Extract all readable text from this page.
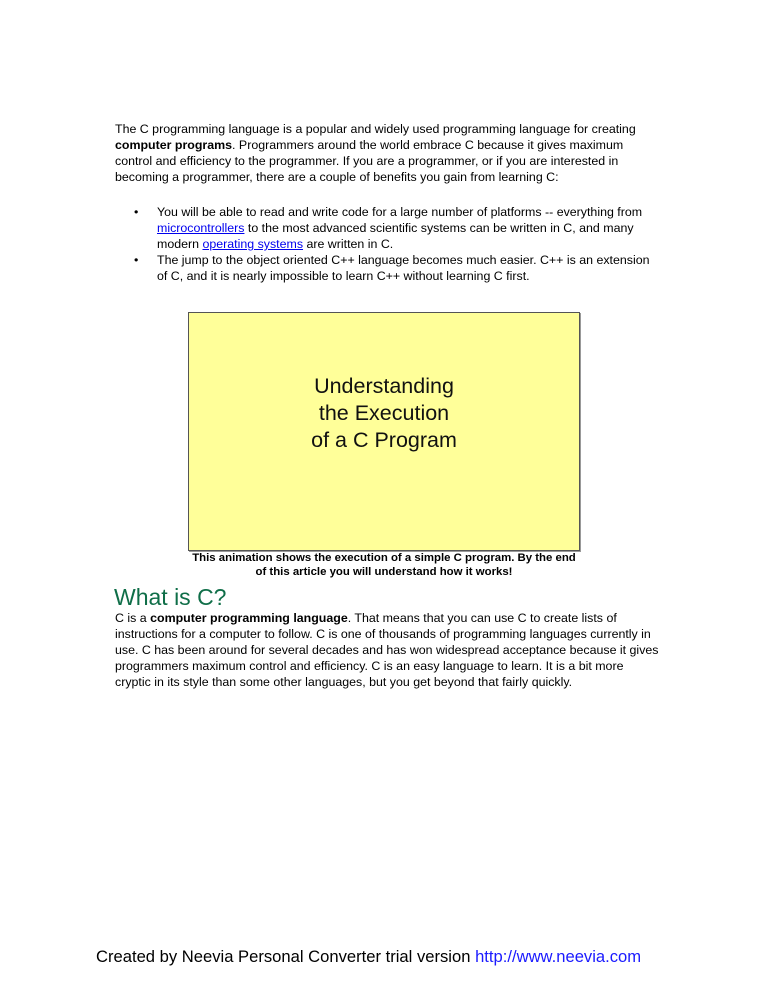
The C programming language is a popular and widely used programming language for creating computer programs. Programmers around the world embrace C because it gives maximum control and efficiency to the programmer. If you are a programmer, or if you are interested in becoming a programmer, there are a couple of benefits you gain from learning C:

• You will be able to read and write code for a large number of platforms -- everything from microcontrollers to the most advanced scientific systems can be written in C, and many modern operating systems are written in C.
• The jump to the object oriented C++ language becomes much easier. C++ is an extension of C, and it is nearly impossible to learn C++ without learning C first.
Understanding
the Execution
of a C Program

This animation shows the execution of a simple C program. By the end of this article you will understand how it works!

What is C?

C is a computer programming language. That means that you can use C to create lists of instructions for a computer to follow. C is one of thousands of programming languages currently in use. C has been around for several decades and has won widespread acceptance because it gives programmers maximum control and efficiency. C is an easy language to learn. It is a bit more cryptic in its style than some other languages, but you get beyond that fairly quickly.

Created by Neevia Personal Converter trial version http://www.neevia.com
